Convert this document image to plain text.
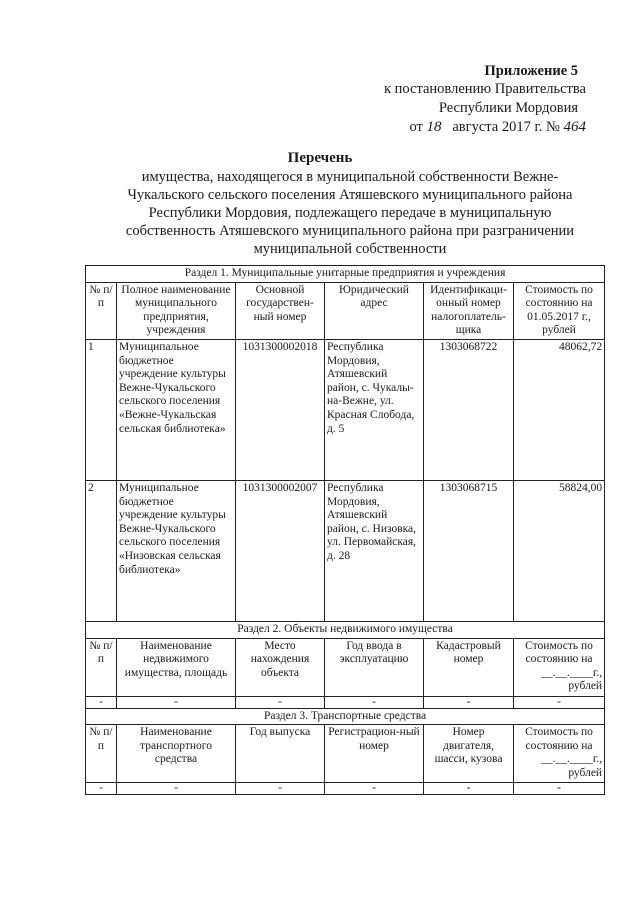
Приложение 5
к постановлению Правительства
Республики Мордовия
от 18 августа 2017 г. № 464
Перечень
имущества, находящегося в муниципальной собственности Вежне-
Чукальского сельского поселения Атяшевского муниципального района
Республики Мордовия, подлежащего передаче в муниципальную
собственность Атяшевского муниципального района при разграничении
муниципальной собственности
Раздел 1. Муниципальные унитарные предприятия и учреждения					
№ п/п	Полное наименование муниципального предприятия, учреждения	Основной государствен-ный номер	Юридический адрес	Идентификаци-онный номер налогоплатель-щика	Стоимость по состоянию на 01.05.2017 г., рублей
1	Муниципальное бюджетное учреждение культуры Вежне-Чукальского сельского поселения «Вежне-Чукальская сельская библиотека»	1031300002018	Республика Мордовия, Атяшевский район, с. Чукалы-на-Вежне, ул. Красная Слобода, д. 5	1303068722	48062,72
2	Муниципальное бюджетное учреждение культуры Вежне-Чукальского сельского поселения «Низовская сельская библиотека»	1031300002007	Республика Мордовия, Атяшевский район, с. Низовка, ул. Первомайская, д. 28	1303068715	58824,00
Раздел 2. Объекты недвижимого имущества					
№ п/п	Наименование недвижимого имущества, площадь	Место нахождения объекта	Год ввода в эксплуатацию	Кадастровый номер	Стоимость по состоянию на
__.__.____г.,
рублей

-	-	-	-	-	-
Раздел 3. Транспортные средства					
№ п/п	Наименование транспортного средства	Год выпуска	Регистрацион-ный номер	Номер двигателя, шасси, кузова	Стоимость по состоянию на
__.__.____г.,
рублей

-	-	-	-	-	-
